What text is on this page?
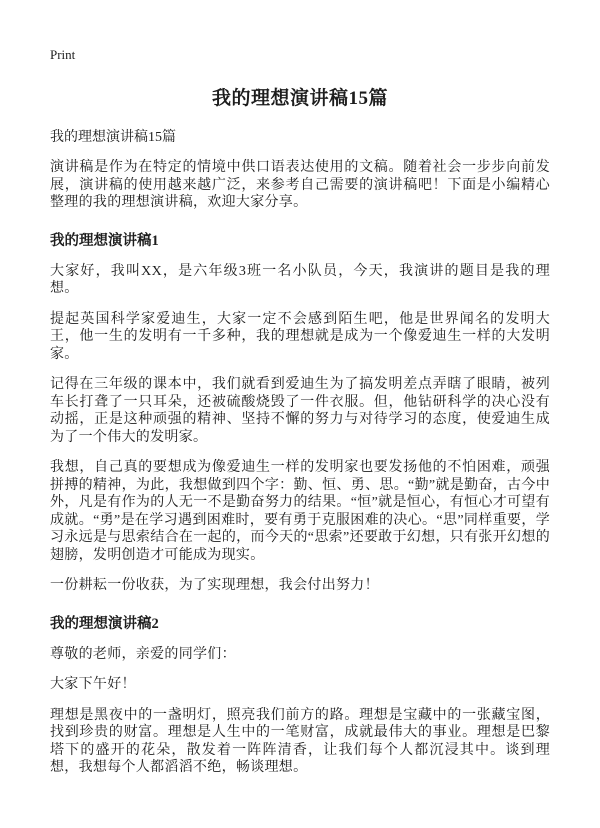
Print
我的理想演讲稿15篇
我的理想演讲稿15篇

演讲稿是作为在特定的情境中供口语表达使用的文稿。随着社会一步步向前发展，演讲稿的使用越来越广泛，来参考自己需要的演讲稿吧！下面是小编精心整理的我的理想演讲稿，欢迎大家分享。

我的理想演讲稿1

大家好，我叫XX，是六年级3班一名小队员，今天，我演讲的题目是我的理想。

提起英国科学家爱迪生，大家一定不会感到陌生吧，他是世界闻名的发明大王，他一生的发明有一千多种，我的理想就是成为一个像爱迪生一样的大发明家。

记得在三年级的课本中，我们就看到爱迪生为了搞发明差点弄瞎了眼睛，被列车长打聋了一只耳朵，还被硫酸烧毁了一件衣服。但，他钻研科学的决心没有动摇，正是这种顽强的精神、坚持不懈的努力与对待学习的态度，使爱迪生成为了一个伟大的发明家。

我想，自己真的要想成为像爱迪生一样的发明家也要发扬他的不怕困难，顽强拼搏的精神，为此，我想做到四个字：勤、恒、勇、思。“勤”就是勤奋，古今中外，凡是有作为的人无一不是勤奋努力的结果。“恒”就是恒心，有恒心才可望有成就。“勇”是在学习遇到困难时，要有勇于克服困难的决心。“思”同样重要，学习永远是与思索结合在一起的，而今天的“思索”还要敢于幻想，只有张开幻想的翅膀，发明创造才可能成为现实。

一份耕耘一份收获，为了实现理想，我会付出努力！

我的理想演讲稿2

尊敬的老师，亲爱的同学们：

大家下午好！

理想是黑夜中的一盏明灯，照亮我们前方的路。理想是宝藏中的一张藏宝图，找到珍贵的财富。理想是人生中的一笔财富，成就最伟大的事业。理想是巴黎塔下的盛开的花朵，散发着一阵阵清香，让我们每个人都沉浸其中。谈到理想，我想每个人都滔滔不绝，畅谈理想。
